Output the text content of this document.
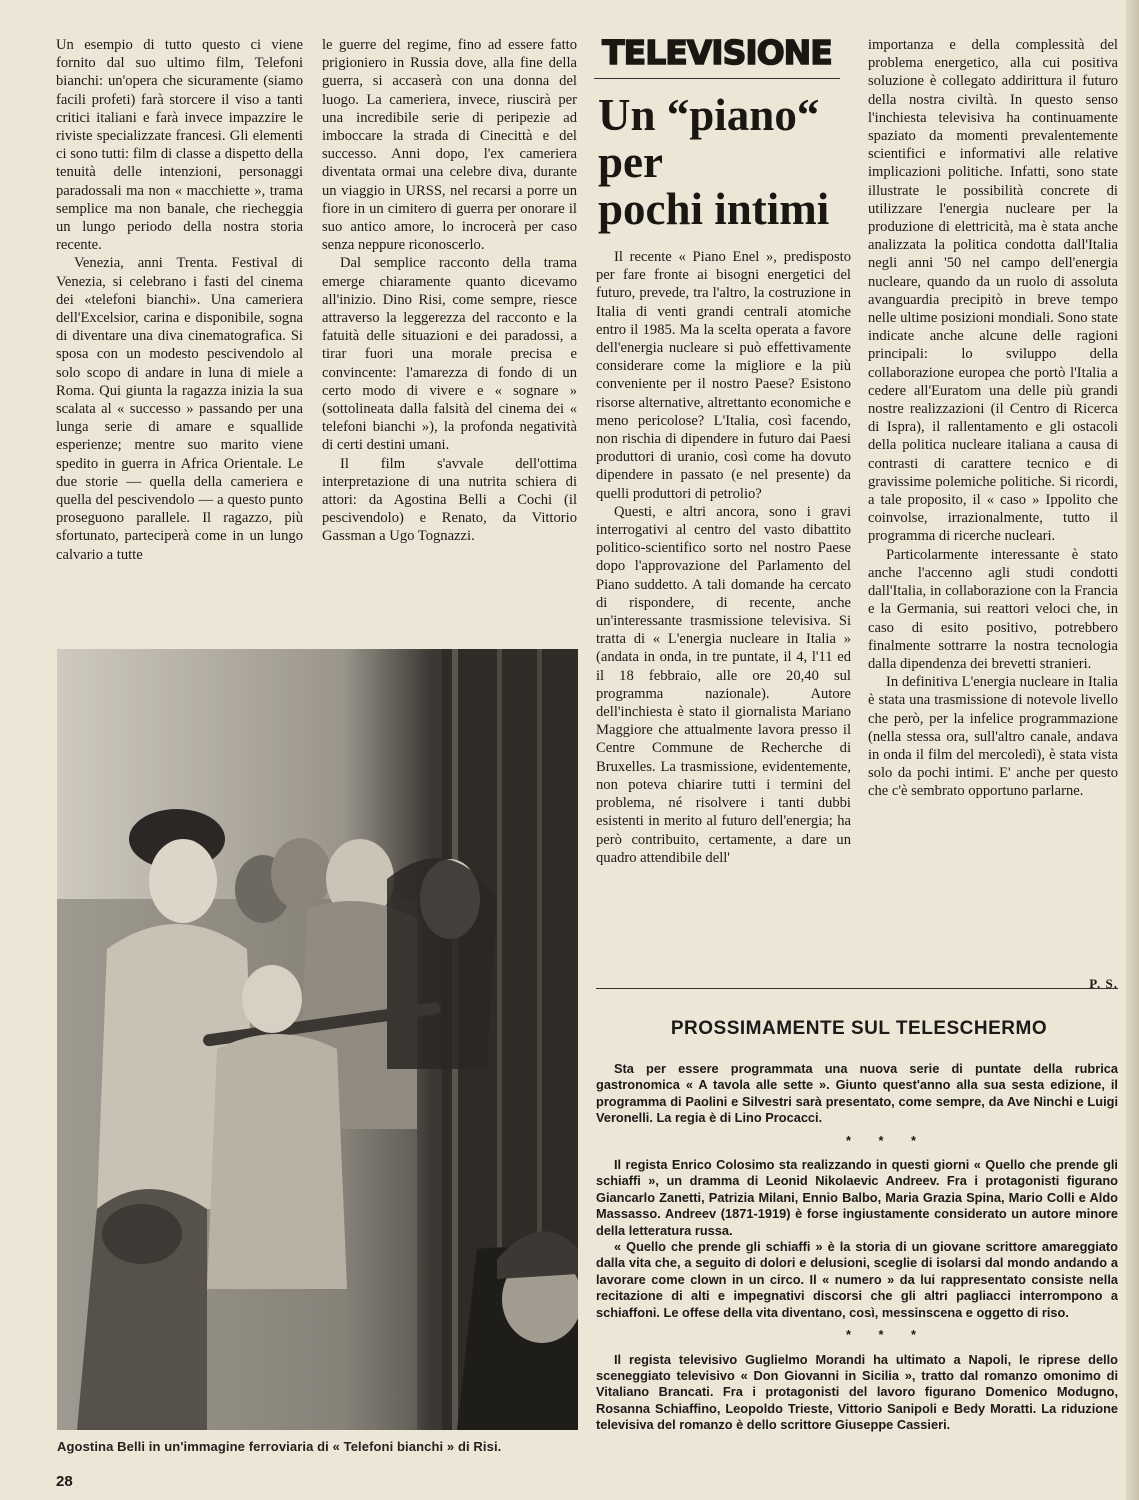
Un esempio di tutto questo ci viene fornito dal suo ultimo film, Telefoni bianchi: un'opera che sicuramente (siamo facili profeti) farà storcere il viso a tanti critici italiani e farà invece impazzire le riviste specializzate francesi. Gli elementi ci sono tutti: film di classe a dispetto della tenuità delle intenzioni, personaggi paradossali ma non « macchiette », trama semplice ma non banale, che riecheggia un lungo periodo della nostra storia recente.

Venezia, anni Trenta. Festival di Venezia, si celebrano i fasti del cinema dei «telefoni bianchi». Una cameriera dell'Excelsior, carina e disponibile, sogna di diventare una diva cinematografica. Si sposa con un modesto pescivendolo al solo scopo di andare in luna di miele a Roma. Qui giunta la ragazza inizia la sua scalata al « successo » passando per una lunga serie di amare e squallide esperienze; mentre suo marito viene spedito in guerra in Africa Orientale. Le due storie — quella della cameriera e quella del pescivendolo — a questo punto proseguono parallele. Il ragazzo, più sfortunato, parteciperà come in un lungo calvario a tutte

le guerre del regime, fino ad essere fatto prigioniero in Russia dove, alla fine della guerra, si accaserà con una donna del luogo. La cameriera, invece, riuscirà per una incredibile serie di peripezie ad imboccare la strada di Cinecittà e del successo. Anni dopo, l'ex cameriera diventata ormai una celebre diva, durante un viaggio in URSS, nel recarsi a porre un fiore in un cimitero di guerra per onorare il suo antico amore, lo incrocerà per caso senza neppure riconoscerlo.

Dal semplice racconto della trama emerge chiaramente quanto dicevamo all'inizio. Dino Risi, come sempre, riesce attraverso la leggerezza del racconto e la fatuità delle situazioni e dei paradossi, a tirar fuori una morale precisa e convincente: l'amarezza di fondo di un certo modo di vivere e « sognare » (sottolineata dalla falsità del cinema dei « telefoni bianchi »), la profonda negatività di certi destini umani.

Il film s'avvale dell'ottima interpretazione di una nutrita schiera di attori: da Agostina Belli a Cochi (il pescivendolo) e Renato, da Vittorio Gassman a Ugo Tognazzi.

TELEVISIONE
Un “piano“
per
pochi intimi

Il recente « Piano Enel », predisposto per fare fronte ai bisogni energetici del futuro, prevede, tra l'altro, la costruzione in Italia di venti grandi centrali atomiche entro il 1985. Ma la scelta operata a favore dell'energia nucleare si può effettivamente considerare come la migliore e la più conveniente per il nostro Paese? Esistono risorse alternative, altrettanto economiche e meno pericolose? L'Italia, così facendo, non rischia di dipendere in futuro dai Paesi produttori di uranio, così come ha dovuto dipendere in passato (e nel presente) da quelli produttori di petrolio?

Questi, e altri ancora, sono i gravi interrogativi al centro del vasto dibattito politico-scientifico sorto nel nostro Paese dopo l'approvazione del Parlamento del Piano suddetto. A tali domande ha cercato di rispondere, di recente, anche un'interessante trasmissione televisiva. Si tratta di « L'energia nucleare in Italia » (andata in onda, in tre puntate, il 4, l'11 ed il 18 febbraio, alle ore 20,40 sul programma nazionale). Autore dell'inchiesta è stato il giornalista Mariano Maggiore che attualmente lavora presso il Centre Commune de Recherche di Bruxelles. La trasmissione, evidentemente, non poteva chiarire tutti i termini del problema, né risolvere i tanti dubbi esistenti in merito al futuro dell'energia; ha però contribuito, certamente, a dare un quadro attendibile dell'

importanza e della complessità del problema energetico, alla cui positiva soluzione è collegato addirittura il futuro della nostra civiltà. In questo senso l'inchiesta televisiva ha continuamente spaziato da momenti prevalentemente scientifici e informativi alle relative implicazioni politiche. Infatti, sono state illustrate le possibilità concrete di utilizzare l'energia nucleare per la produzione di elettricità, ma è stata anche analizzata la politica condotta dall'Italia negli anni '50 nel campo dell'energia nucleare, quando da un ruolo di assoluta avanguardia precipitò in breve tempo nelle ultime posizioni mondiali. Sono state indicate anche alcune delle ragioni principali: lo sviluppo della collaborazione europea che portò l'Italia a cedere all'Euratom una delle più grandi nostre realizzazioni (il Centro di Ricerca di Ispra), il rallentamento e gli ostacoli della politica nucleare italiana a causa di contrasti di carattere tecnico e di gravissime polemiche politiche. Si ricordi, a tale proposito, il « caso » Ippolito che coinvolse, irrazionalmente, tutto il programma di ricerche nucleari.

Particolarmente interessante è stato anche l'accenno agli studi condotti dall'Italia, in collaborazione con la Francia e la Germania, sui reattori veloci che, in caso di esito positivo, potrebbero finalmente sottrarre la nostra tecnologia dalla dipendenza dei brevetti stranieri.

In definitiva L'energia nucleare in Italia è stata una trasmissione di notevole livello che però, per la infelice programmazione (nella stessa ora, sull'altro canale, andava in onda il film del mercoledì), è stata vista solo da pochi intimi. E' anche per questo che c'è sembrato opportuno parlarne.

P. S.
Agostina Belli in un'immagine ferroviaria di « Telefoni bianchi » di Risi.
28
PROSSIMAMENTE SUL TELESCHERMO

Sta per essere programmata una nuova serie di puntate della rubrica gastronomica « A tavola alle sette ». Giunto quest'anno alla sua sesta edizione, il programma di Paolini e Silvestri sarà presentato, come sempre, da Ave Ninchi e Luigi Veronelli. La regia è di Lino Procacci.

* * *

Il regista Enrico Colosimo sta realizzando in questi giorni « Quello che prende gli schiaffi », un dramma di Leonid Nikolaevic Andreev. Fra i protagonisti figurano Giancarlo Zanetti, Patrizia Milani, Ennio Balbo, Maria Grazia Spina, Mario Colli e Aldo Massasso. Andreev (1871-1919) è forse ingiustamente considerato un autore minore della letteratura russa.

« Quello che prende gli schiaffi » è la storia di un giovane scrittore amareggiato dalla vita che, a seguito di dolori e delusioni, sceglie di isolarsi dal mondo andando a lavorare come clown in un circo. Il « numero » da lui rappresentato consiste nella recitazione di alti e impegnativi discorsi che gli altri pagliacci interrompono a schiaffoni. Le offese della vita diventano, così, messinscena e oggetto di riso.

* * *

Il regista televisivo Guglielmo Morandi ha ultimato a Napoli, le riprese dello sceneggiato televisivo « Don Giovanni in Sicilia », tratto dal romanzo omonimo di Vitaliano Brancati. Fra i protagonisti del lavoro figurano Domenico Modugno, Rosanna Schiaffino, Leopoldo Trieste, Vittorio Sanipoli e Bedy Moratti. La riduzione televisiva del romanzo è dello scrittore Giuseppe Cassieri.
